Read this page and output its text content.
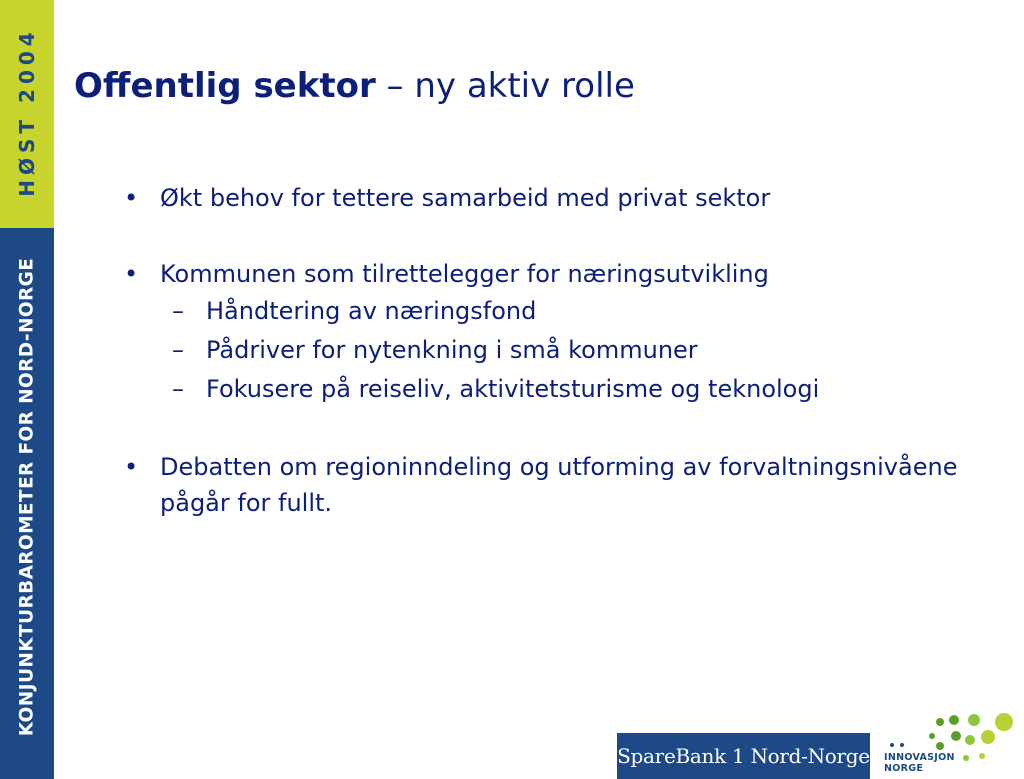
HØST 2004
KONJUNKTURBAROMETER FOR NORD-NORGE
Offentlig sektor – ny aktiv rolle
• Økt behov for tettere samarbeid med privat sektor
• Kommunen som tilrettelegger for næringsutvikling
– Håndtering av næringsfond
– Pådriver for nytenkning i små kommuner
– Fokusere på reiseliv, aktivitetsturisme og teknologi
• Debatten om regioninndeling og utforming av forvaltningsnivåene pågår for fullt.
SpareBank 1 Nord-Norge INNOVASJON
NORGE
